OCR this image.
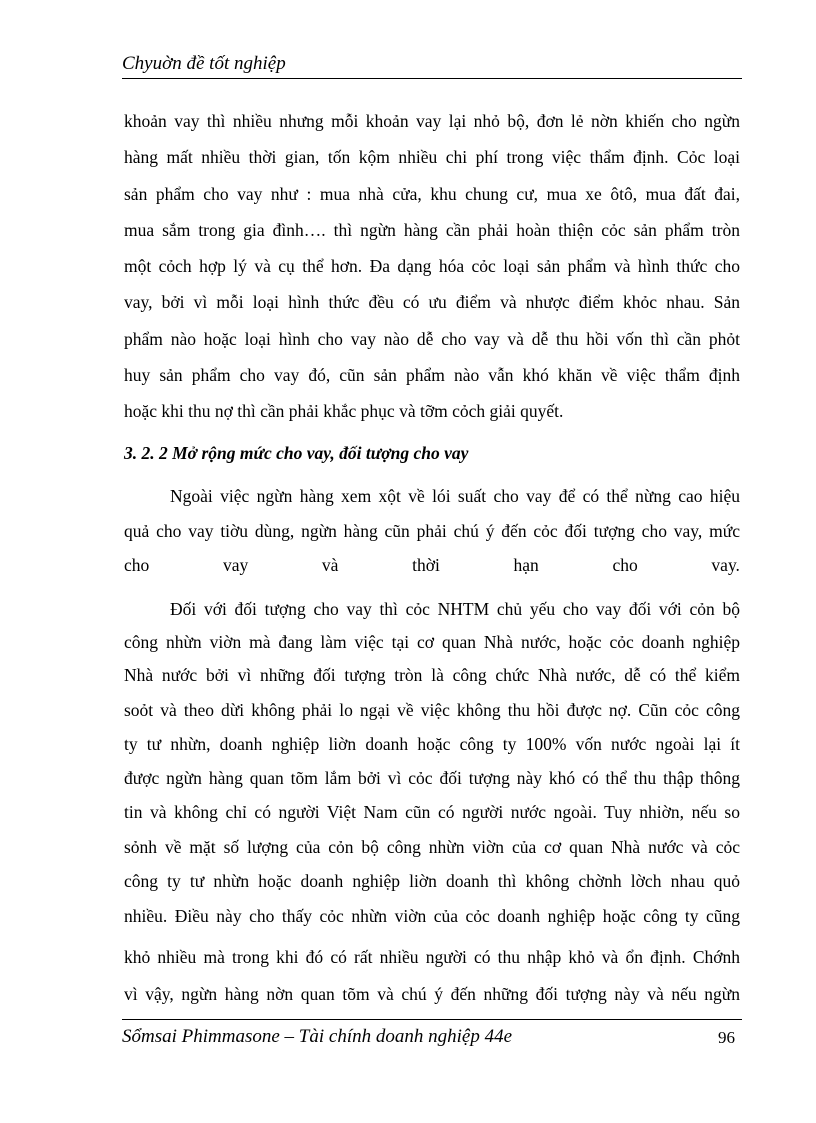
Chyuờn đề tốt nghiệp
khoản vay thì nhiều nhưng mỗi khoản vay lại nhỏ bộ, đơn lẻ nờn khiến cho ngừn
hàng mất nhiều thời gian, tốn kộm nhiều chi phí trong việc thẩm định. Cỏc loại
sản phẩm cho vay như : mua nhà cửa, khu chung cư, mua xe ôtô, mua đất đai,
mua sắm trong gia đình…. thì ngừn hàng cần phải hoàn thiện cỏc sản phẩm tròn
một cỏch hợp lý và cụ thể hơn. Đa dạng hóa cỏc loại sản phẩm và hình thức cho
vay, bởi vì mỗi loại hình thức đều có ưu điểm và nhược điểm khỏc nhau. Sản
phẩm nào hoặc loại hình cho vay nào dễ cho vay và dễ thu hồi vốn thì cần phỏt
huy sản phẩm cho vay đó, cũn sản phẩm nào vẫn khó khăn về việc thẩm định
hoặc khi thu nợ thì cần phải khắc phục và tỡm cỏch giải quyết.
3. 2. 2 Mở rộng mức cho vay, đối tượng cho vay
Ngoài việc ngừn hàng xem xột về lói suất cho vay để có thể nừng cao hiệu
quả cho vay tiờu dùng, ngừn hàng cũn phải chú ý đến cỏc đối tượng cho vay, mức
cho	vay	và	thời	hạn	cho	vay.
Đối với đối tượng cho vay thì cỏc NHTM chủ yếu cho vay đối với cỏn bộ
công nhừn viờn mà đang làm việc tại cơ quan Nhà nước, hoặc cỏc doanh nghiệp
Nhà nước bởi vì những đối tượng tròn là công chức Nhà nước, dễ có thể kiểm
soỏt và theo dừi không phải lo ngại về việc không thu hồi được nợ. Cũn cỏc công
ty tư nhừn, doanh nghiệp liờn doanh hoặc công ty 100% vốn nước ngoài lại ít
được ngừn hàng quan tõm lắm bởi vì cỏc đối tượng này khó có thể thu thập thông
tin và không chỉ có người Việt Nam cũn có người nước ngoài. Tuy nhiờn, nếu so
sỏnh về mặt số lượng của cỏn bộ công nhừn viờn của cơ quan Nhà nước và cỏc
công ty tư nhừn hoặc doanh nghiệp liờn doanh thì không chờnh lờch nhau quỏ
nhiều. Điều này cho thấy cỏc nhừn viờn của cỏc doanh nghiệp hoặc công ty cũng
khỏ nhiều mà trong khi đó có rất nhiều người có thu nhập khỏ và ổn định. Chớnh
vì vậy, ngừn hàng nờn quan tõm và chú ý đến những đối tượng này và nếu ngừn
Sổmsai Phimmasone – Tài chính doanh nghiệp 44e	96
